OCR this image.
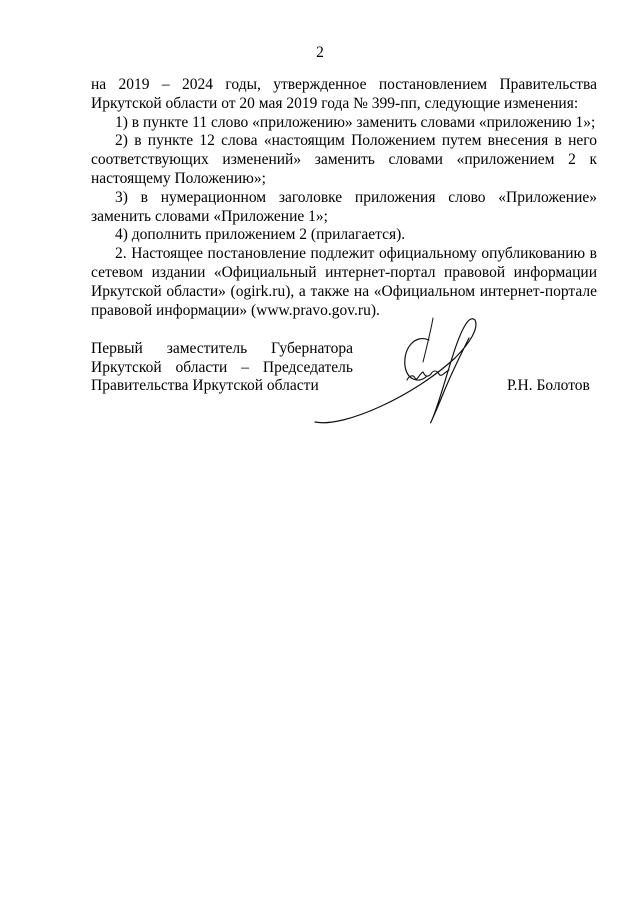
2

на 2019 – 2024 годы, утвержденное постановлением Правительства Иркутской области от 20 мая 2019 года № 399-пп, следующие изменения:

1) в пункте 11 слово «приложению» заменить словами «приложению 1»;

2) в пункте 12 слова «настоящим Положением путем внесения в него соответствующих изменений» заменить словами «приложением 2 к настоящему Положению»;

3) в нумерационном заголовке приложения слово «Приложение» заменить словами «Приложение 1»;

4) дополнить приложением 2 (прилагается).

2. Настоящее постановление подлежит официальному опубликованию в сетевом издании «Официальный интернет-портал правовой информации Иркутской области» (ogirk.ru), а также на «Официальном интернет-портале правовой информации» (www.pravo.gov.ru).

Первый заместитель Губернатора
Иркутской области – Председатель
Правительства Иркутской области	Р.Н. Болотов
